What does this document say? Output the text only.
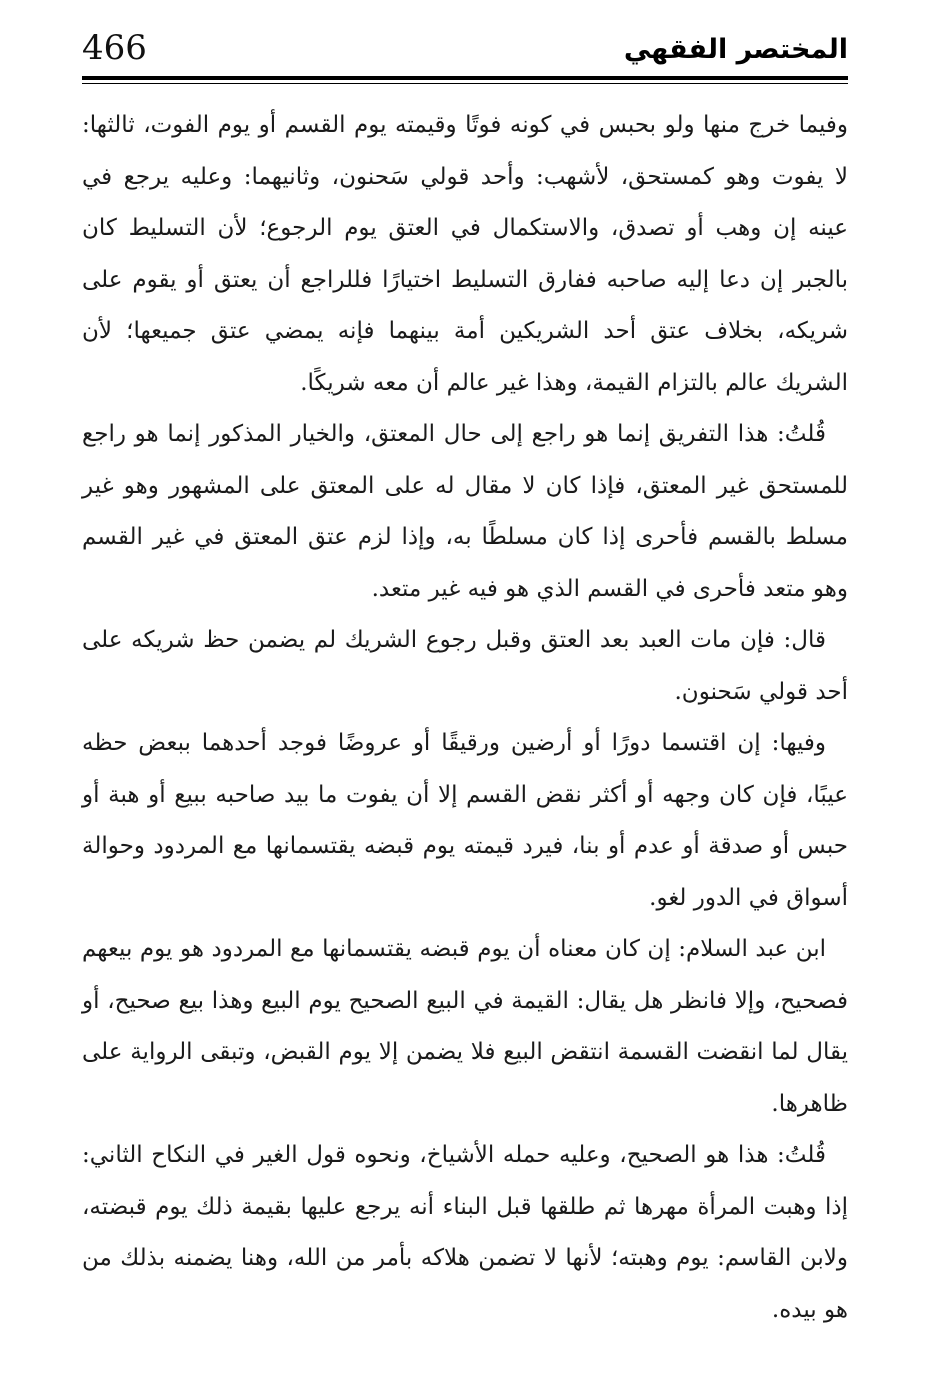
466	المختصر الفقهي

وفيما خرج منها ولو بحبس في كونه فوتًا وقيمته يوم القسم أو يوم الفوت، ثالثها: لا يفوت وهو كمستحق، لأشهب: وأحد قولي سَحنون، وثانيهما: وعليه يرجع في عينه إن وهب أو تصدق، والاستكمال في العتق يوم الرجوع؛ لأن التسليط كان بالجبر إن دعا إليه صاحبه ففارق التسليط اختيارًا فللراجع أن يعتق أو يقوم على شريكه، بخلاف عتق أحد الشريكين أمة بينهما فإنه يمضي عتق جميعها؛ لأن الشريك عالم بالتزام القيمة، وهذا غير عالم أن معه شريكًا.

قُلتُ: هذا التفريق إنما هو راجع إلى حال المعتق، والخيار المذكور إنما هو راجع للمستحق غير المعتق، فإذا كان لا مقال له على المعتق على المشهور وهو غير مسلط بالقسم فأحرى إذا كان مسلطًا به، وإذا لزم عتق المعتق في غير القسم وهو متعد فأحرى في القسم الذي هو فيه غير متعد.

قال: فإن مات العبد بعد العتق وقبل رجوع الشريك لم يضمن حظ شريكه على أحد قولي سَحنون.

وفيها: إن اقتسما دورًا أو أرضين ورقيقًا أو عروضًا فوجد أحدهما ببعض حظه عيبًا، فإن كان وجهه أو أكثر نقض القسم إلا أن يفوت ما بيد صاحبه ببيع أو هبة أو حبس أو صدقة أو عدم أو بنا، فيرد قيمته يوم قبضه يقتسمانها مع المردود وحوالة أسواق في الدور لغو.

ابن عبد السلام: إن كان معناه أن يوم قبضه يقتسمانها مع المردود هو يوم بيعهم فصحيح، وإلا فانظر هل يقال: القيمة في البيع الصحيح يوم البيع وهذا بيع صحيح، أو يقال لما انقضت القسمة انتقض البيع فلا يضمن إلا يوم القبض، وتبقى الرواية على ظاهرها.

قُلتُ: هذا هو الصحيح، وعليه حمله الأشياخ، ونحوه قول الغير في النكاح الثاني: إذا وهبت المرأة مهرها ثم طلقها قبل البناء أنه يرجع عليها بقيمة ذلك يوم قبضته، ولابن القاسم: يوم وهبته؛ لأنها لا تضمن هلاكه بأمر من الله، وهنا يضمنه بذلك من هو بيده.
